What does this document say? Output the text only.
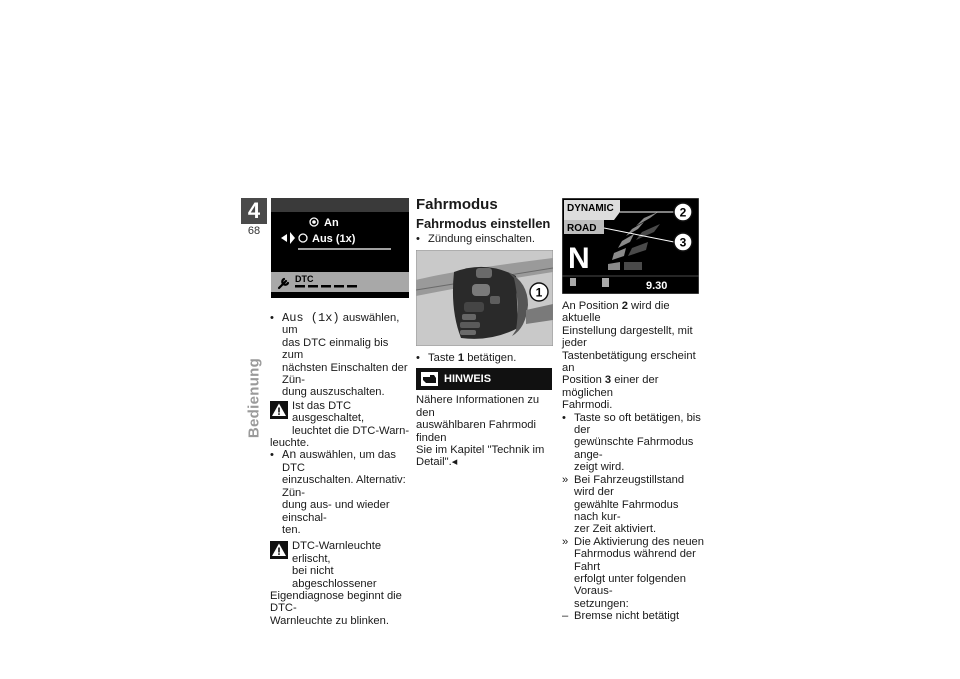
4
68
Bedienung
An
Aus (1x)
DTC
• Aus (1x) auswählen, um

das DTC einmalig bis zum

nächsten Einschalten der Zün-

dung auszuschalten.

Ist das DTC ausgeschaltet,

leuchtet die DTC-Warn-

leuchte.

• An auswählen, um das DTC

einzuschalten. Alternativ: Zün-

dung aus- und wieder einschal-

ten.

DTC-Warnleuchte erlischt,

bei nicht abgeschlossener

Eigendiagnose beginnt die DTC-

Warnleuchte zu blinken.

Fahrmodus
Fahrmodus einstellen
• Zündung einschalten.

1
• Taste 1 betätigen.

HINWEIS

Nähere Informationen zu den

auswählbaren Fahrmodi finden

Sie im Kapitel "Technik im

Detail".◂

DYNAMIC
ROAD
N
9.30
2
3

An Position 2 wird die aktuelle

Einstellung dargestellt, mit jeder

Tastenbetätigung erscheint an

Position 3 einer der möglichen

Fahrmodi.

• Taste so oft betätigen, bis der

gewünschte Fahrmodus ange-

zeigt wird.

» Bei Fahrzeugstillstand wird der

gewählte Fahrmodus nach kur-

zer Zeit aktiviert.

» Die Aktivierung des neuen

Fahrmodus während der Fahrt

erfolgt unter folgenden Voraus-

setzungen:

– Bremse nicht betätigt
